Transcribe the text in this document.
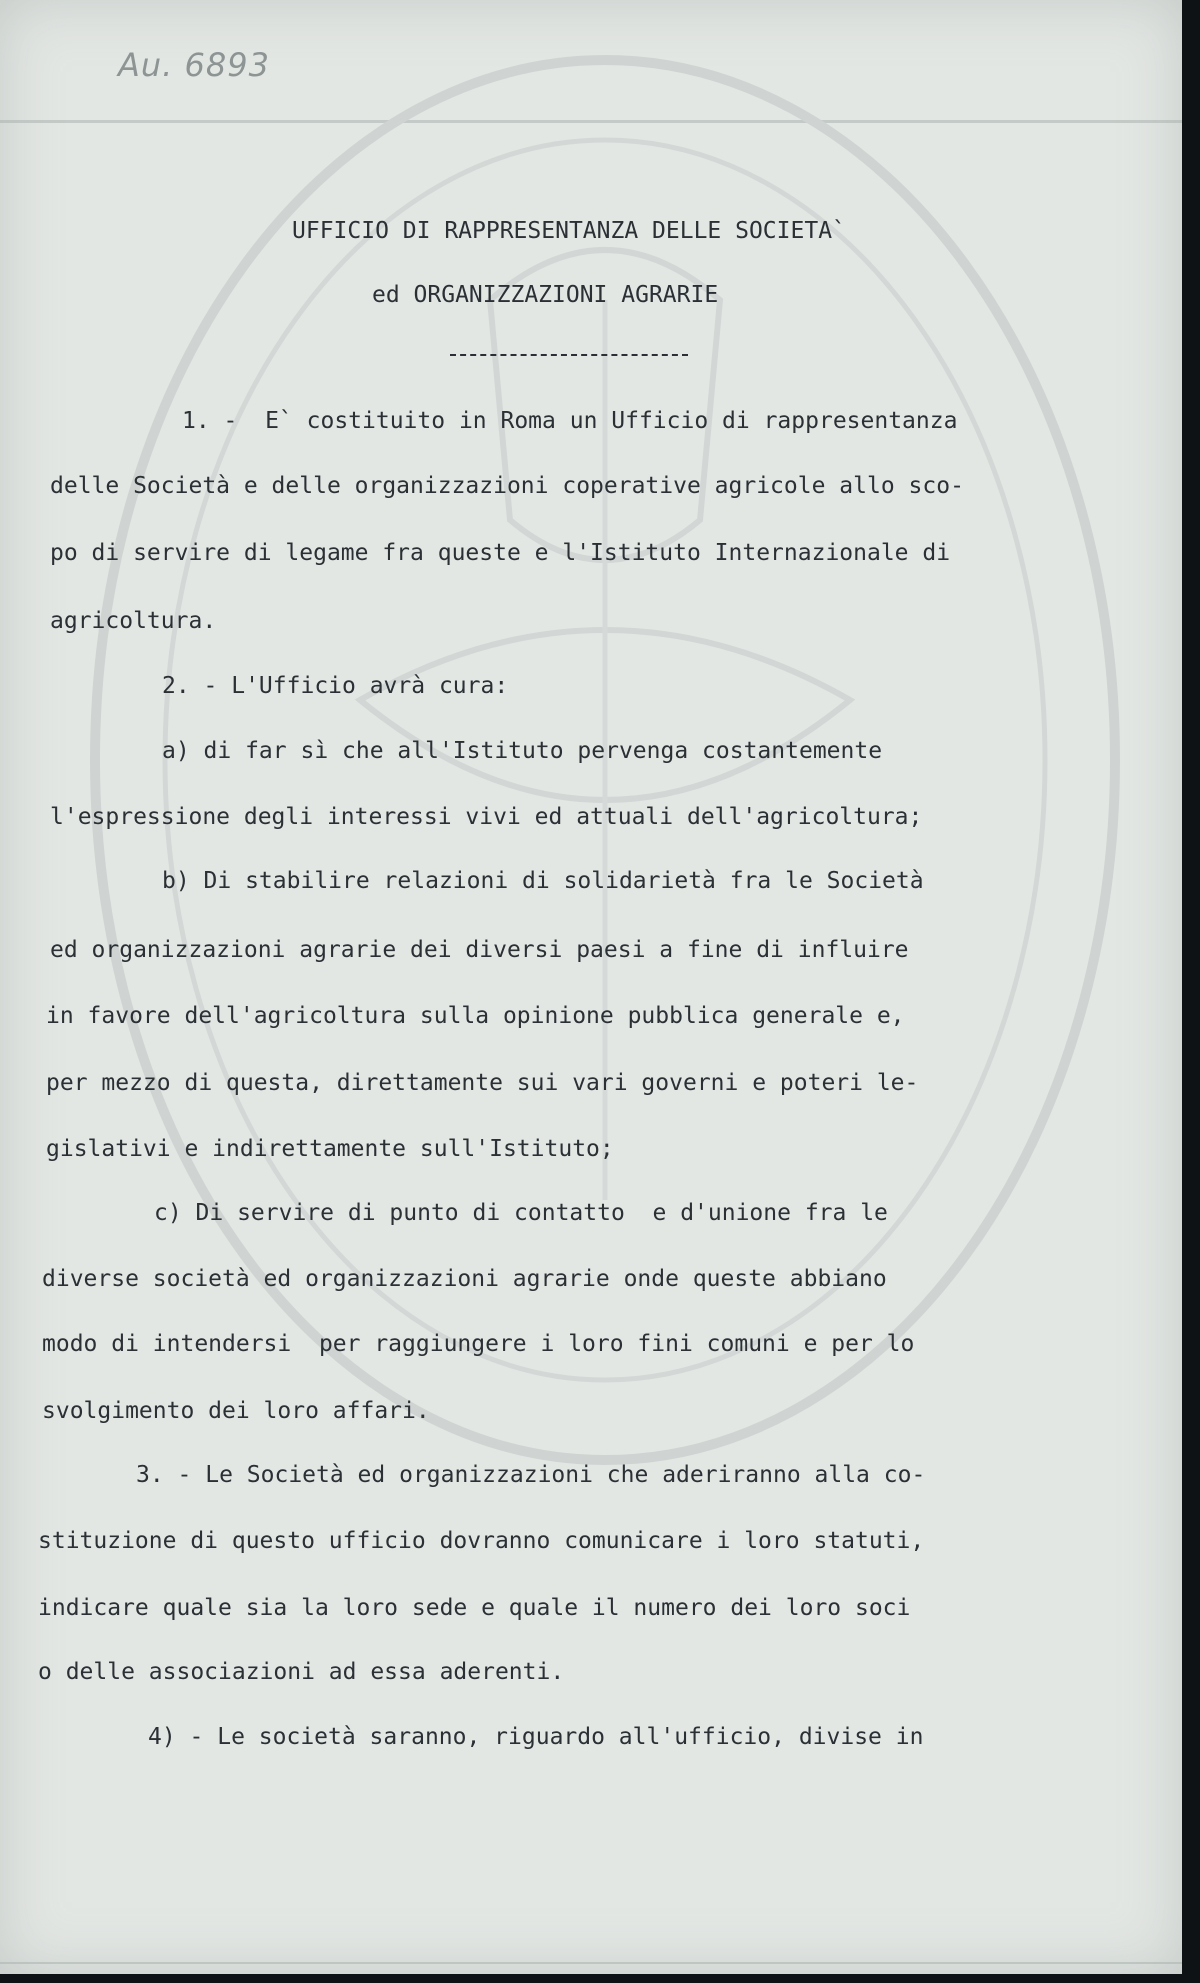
Au. 6893
UFFICIO DI RAPPRESENTANZA DELLE SOCIETA`
ed ORGANIZZAZIONI AGRARIE
1. -  E` costituito in Roma un Ufficio di rappresentanza
delle Società e delle organizzazioni coperative agricole allo sco-
po di servire di legame fra queste e l'Istituto Internazionale di
agricoltura.
2. - L'Ufficio avrà cura:
a) di far sì che all'Istituto pervenga costantemente
l'espressione degli interessi vivi ed attuali dell'agricoltura;
b) Di stabilire relazioni di solidarietà fra le Società
ed organizzazioni agrarie dei diversi paesi a fine di influire
in favore dell'agricoltura sulla opinione pubblica generale e,
per mezzo di questa, direttamente sui vari governi e poteri le-
gislativi e indirettamente sull'Istituto;
c) Di servire di punto di contatto  e d'unione fra le
diverse società ed organizzazioni agrarie onde queste abbiano
modo di intendersi  per raggiungere i loro fini comuni e per lo
svolgimento dei loro affari.
3. - Le Società ed organizzazioni che aderiranno alla co-
stituzione di questo ufficio dovranno comunicare i loro statuti,
indicare quale sia la loro sede e quale il numero dei loro soci
o delle associazioni ad essa aderenti.
4) - Le società saranno, riguardo all'ufficio, divise in
